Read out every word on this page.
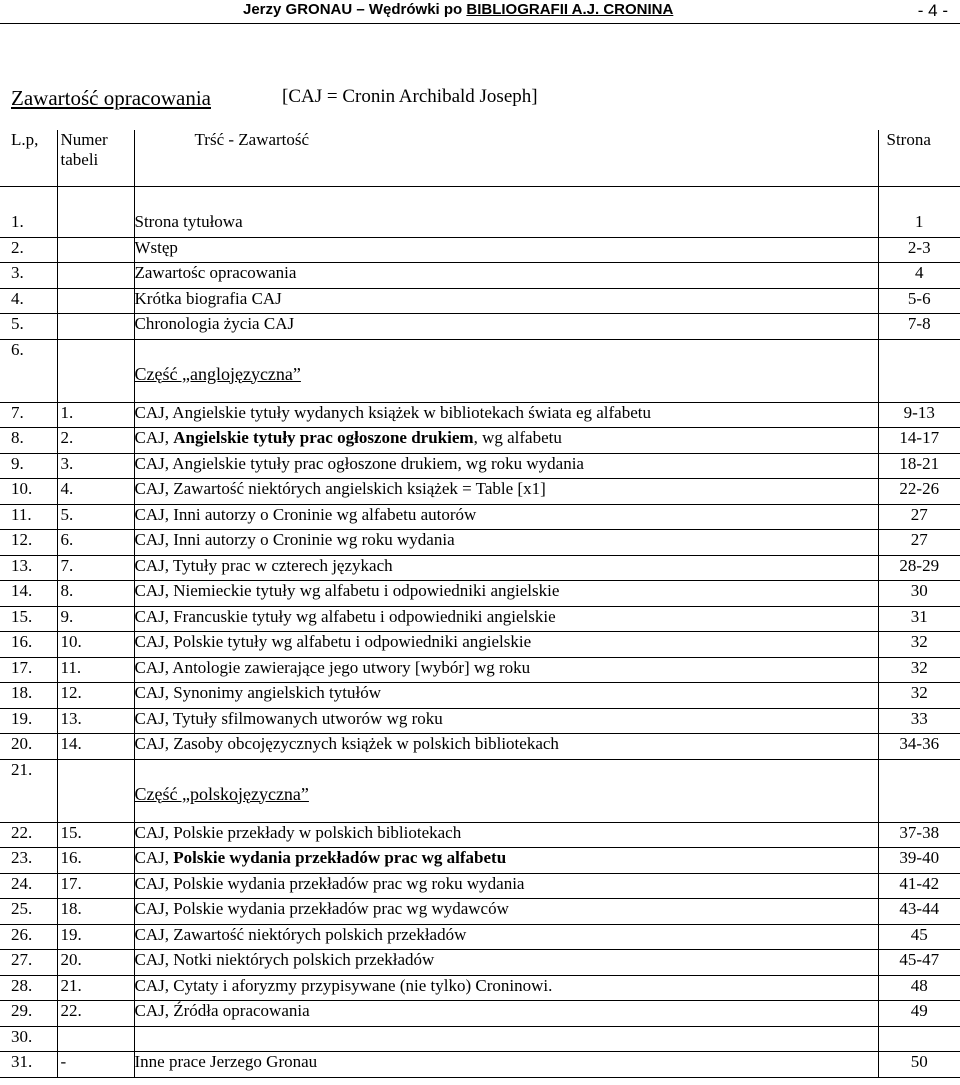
Jerzy GRONAU – Wędrówki po BIBLIOGRAFII A.J. CRONINA	- 4 -
Zawartość opracowania	[CAJ = Cronin Archibald Joseph]
L.p,	Numer tabeli	Trść - Zawartość	Strona

1.		Strona tytułowa	1
2.		Wstęp	2-3
3.		Zawartośc opracowania	4
4.		Krótka biografia CAJ	5-6
5.		Chronologia życia CAJ	7-8
6.		Część „anglojęzyczna”	
7.	1.	CAJ, Angielskie tytuły wydanych książek w bibliotekach świata eg alfabetu	9-13
8.	2.	CAJ, Angielskie tytuły prac ogłoszone drukiem, wg alfabetu	14-17
9.	3.	CAJ, Angielskie tytuły prac ogłoszone drukiem, wg roku wydania	18-21
10.	4.	CAJ, Zawartość niektórych angielskich książek = Table [x1]	22-26
11.	5.	CAJ, Inni autorzy o Croninie wg alfabetu autorów	27
12.	6.	CAJ, Inni autorzy o Croninie wg roku wydania	27
13.	7.	CAJ, Tytuły prac w czterech językach	28-29
14.	8.	CAJ, Niemieckie tytuły wg alfabetu i odpowiedniki angielskie	30
15.	9.	CAJ, Francuskie tytuły wg alfabetu i odpowiedniki angielskie	31
16.	10.	CAJ, Polskie tytuły wg alfabetu i odpowiedniki angielskie	32
17.	11.	CAJ, Antologie zawierające jego utwory [wybór] wg roku	32
18.	12.	CAJ, Synonimy angielskich tytułów	32
19.	13.	CAJ, Tytuły sfilmowanych utworów wg roku	33
20.	14.	CAJ, Zasoby obcojęzycznych książek w polskich bibliotekach	34-36
21.		Część „polskojęzyczna”	
22.	15.	CAJ, Polskie przekłady w polskich bibliotekach	37-38
23.	16.	CAJ, Polskie wydania przekładów prac wg alfabetu	39-40
24.	17.	CAJ, Polskie wydania przekładów prac wg roku wydania	41-42
25.	18.	CAJ, Polskie wydania przekładów prac wg wydawców	43-44
26.	19.	CAJ, Zawartość niektórych polskich przekładów	45
27.	20.	CAJ, Notki niektórych polskich przekładów	45-47
28.	21.	CAJ, Cytaty i aforyzmy przypisywane (nie tylko) Croninowi.	48
29.	22.	CAJ, Źródła opracowania	49
30.			
31.	-	Inne prace Jerzego Gronau	50
